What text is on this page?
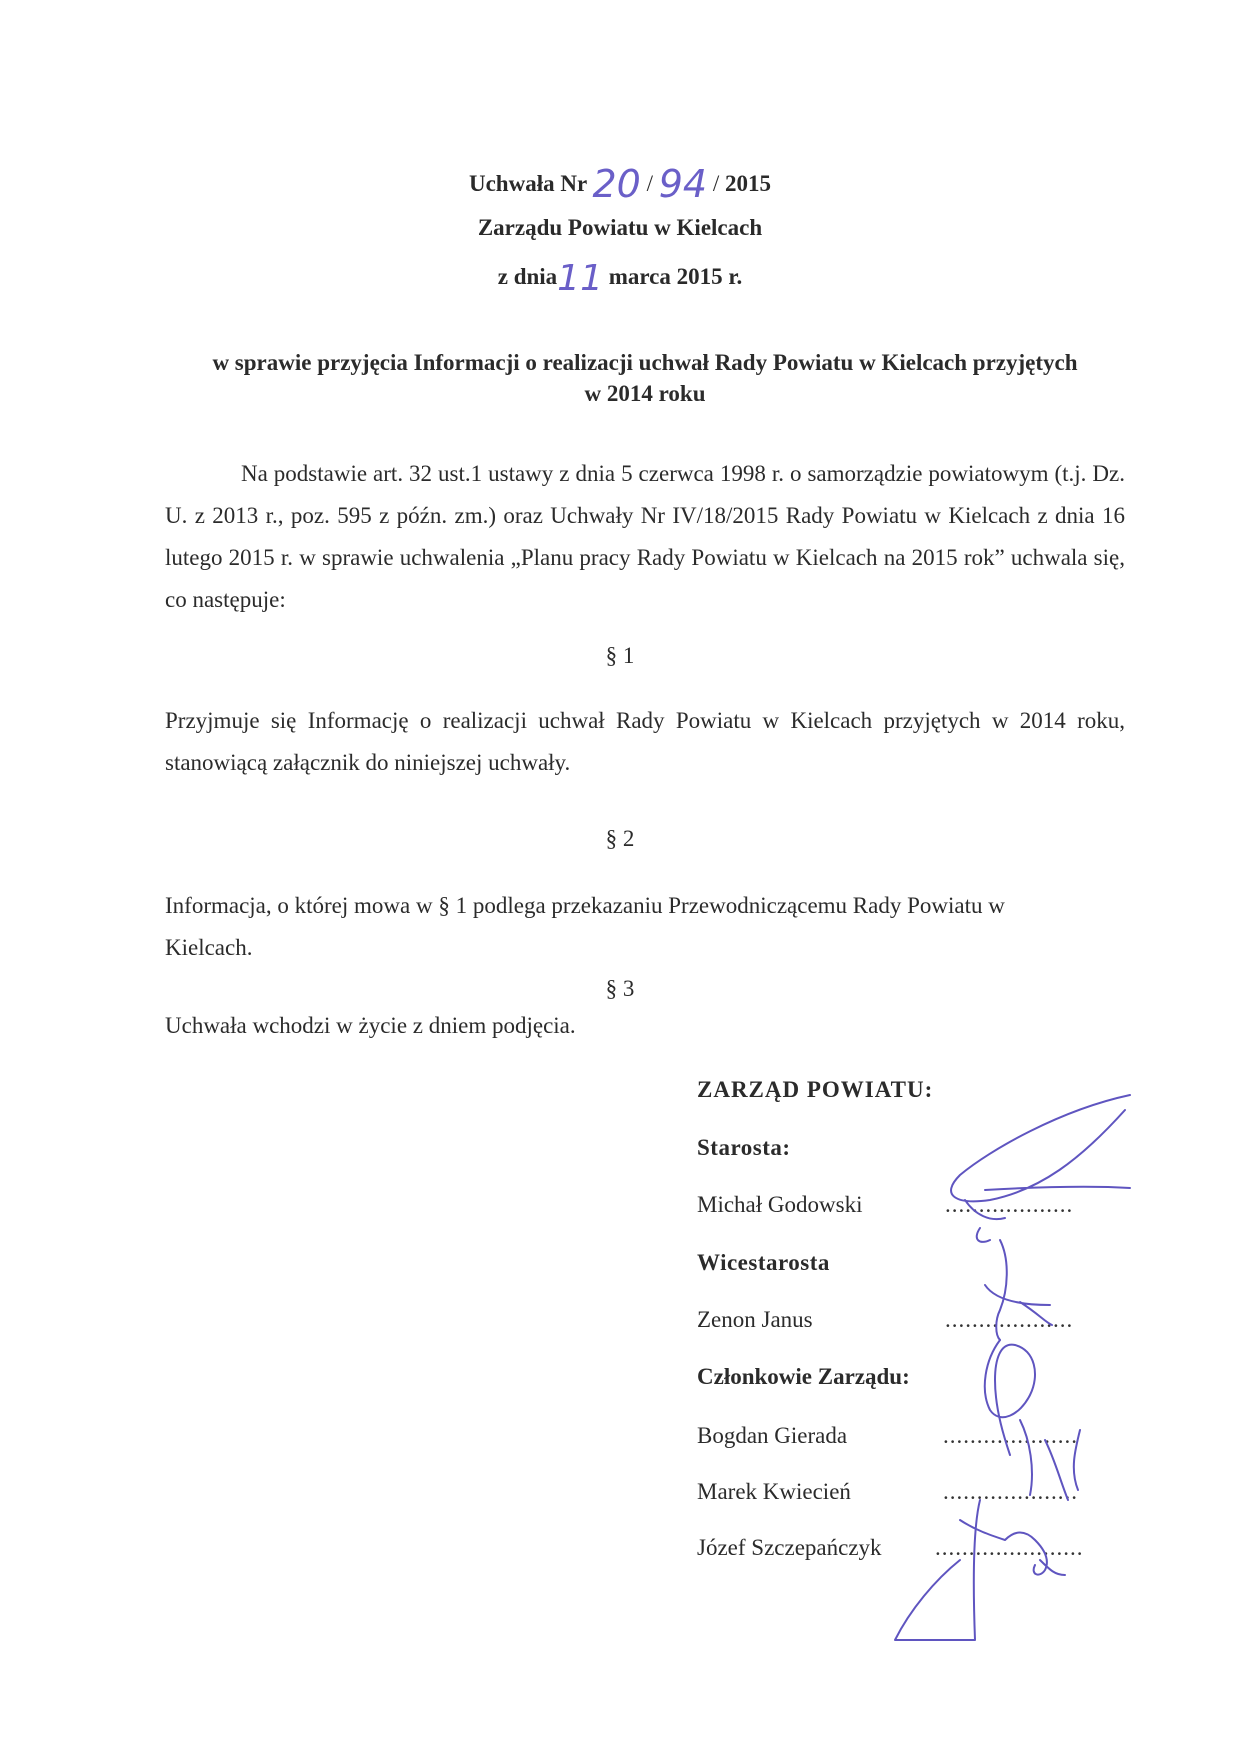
Uchwała Nr 20 / 94 / 2015
Zarządu Powiatu w Kielcach
z dnia11 marca 2015 r.
w sprawie przyjęcia Informacji o realizacji uchwał Rady Powiatu w Kielcach przyjętych
w 2014 roku
Na podstawie art. 32 ust.1 ustawy z dnia 5 czerwca 1998 r. o samorządzie powiatowym (t.j. Dz. U. z 2013 r., poz. 595 z późn. zm.) oraz Uchwały Nr IV/18/2015 Rady Powiatu w Kielcach z dnia 16 lutego 2015 r. w sprawie uchwalenia „Planu pracy Rady Powiatu w Kielcach na 2015 rok” uchwala się, co następuje:
§ 1
Przyjmuje się Informację o realizacji uchwał Rady Powiatu w Kielcach przyjętych w 2014 roku, stanowiącą załącznik do niniejszej uchwały.
§ 2
Informacja, o której mowa w § 1 podlega przekazaniu Przewodniczącemu Rady Powiatu w Kielcach.
§ 3
Uchwała wchodzi w życie z dniem podjęcia.
ZARZĄD POWIATU:
Starosta:
Michał Godowski	...................
Wicestarosta
Zenon Janus	...................
Członkowie Zarządu:
Bogdan Gierada	....................
Marek Kwiecień	....................
Józef Szczepańczyk ......................
